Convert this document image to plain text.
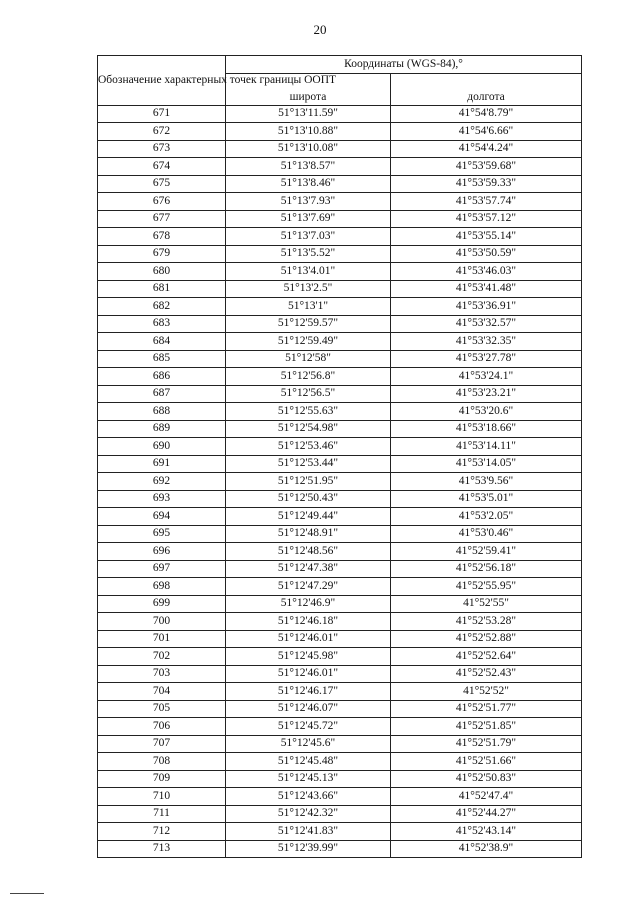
20
Обозначение характерных точек границы ООПТ	Координаты (WGS-84),°	
	широта	долгота
671	51°13'11.59"	41°54'8.79"
672	51°13'10.88"	41°54'6.66"
673	51°13'10.08"	41°54'4.24"
674	51°13'8.57"	41°53'59.68"
675	51°13'8.46"	41°53'59.33"
676	51°13'7.93"	41°53'57.74"
677	51°13'7.69"	41°53'57.12"
678	51°13'7.03"	41°53'55.14"
679	51°13'5.52"	41°53'50.59"
680	51°13'4.01"	41°53'46.03"
681	51°13'2.5"	41°53'41.48"
682	51°13'1"	41°53'36.91"
683	51°12'59.57"	41°53'32.57"
684	51°12'59.49"	41°53'32.35"
685	51°12'58"	41°53'27.78"
686	51°12'56.8"	41°53'24.1"
687	51°12'56.5"	41°53'23.21"
688	51°12'55.63"	41°53'20.6"
689	51°12'54.98"	41°53'18.66"
690	51°12'53.46"	41°53'14.11"
691	51°12'53.44"	41°53'14.05"
692	51°12'51.95"	41°53'9.56"
693	51°12'50.43"	41°53'5.01"
694	51°12'49.44"	41°53'2.05"
695	51°12'48.91"	41°53'0.46"
696	51°12'48.56"	41°52'59.41"
697	51°12'47.38"	41°52'56.18"
698	51°12'47.29"	41°52'55.95"
699	51°12'46.9"	41°52'55"
700	51°12'46.18"	41°52'53.28"
701	51°12'46.01"	41°52'52.88"
702	51°12'45.98"	41°52'52.64"
703	51°12'46.01"	41°52'52.43"
704	51°12'46.17"	41°52'52"
705	51°12'46.07"	41°52'51.77"
706	51°12'45.72"	41°52'51.85"
707	51°12'45.6"	41°52'51.79"
708	51°12'45.48"	41°52'51.66"
709	51°12'45.13"	41°52'50.83"
710	51°12'43.66"	41°52'47.4"
711	51°12'42.32"	41°52'44.27"
712	51°12'41.83"	41°52'43.14"
713	51°12'39.99"	41°52'38.9"
